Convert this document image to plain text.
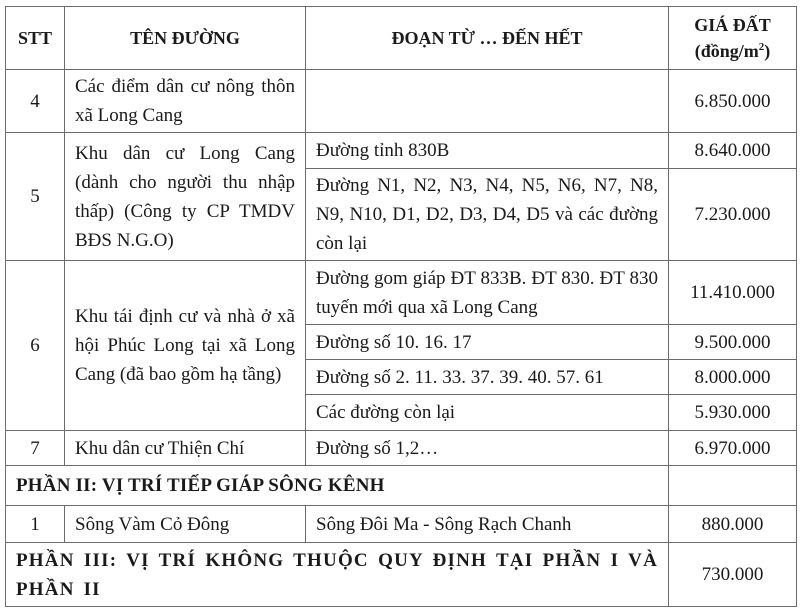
STT	TÊN ĐƯỜNG	ĐOẠN TỪ … ĐẾN HẾT	GIÁ ĐẤT
$(đồng/m^2)$
4	Các điểm dân cư nông thôn xã Long Cang		6.850.000
5	Khu dân cư Long Cang (dành cho người thu nhập thấp) (Công ty CP TMDV BĐS N.G.O)	Đường tỉnh 830B	8.640.000
		Đường N1, N2, N3, N4, N5, N6, N7, N8, N9, N10, D1, D2, D3, D4, D5 và các đường còn lại	7.230.000
6	Khu tái định cư và nhà ở xã hội Phúc Long tại xã Long Cang (đã bao gồm hạ tầng)	Đường gom giáp ĐT 833B. ĐT 830. ĐT 830 tuyến mới qua xã Long Cang	11.410.000
		Đường số 10. 16. 17	9.500.000
		Đường số 2. 11. 33. 37. 39. 40. 57. 61	8.000.000
		Các đường còn lại	5.930.000
7	Khu dân cư Thiện Chí	Đường số 1,2…	6.970.000
PHẦN II: VỊ TRÍ TIẾP GIÁP SÔNG KÊNH			
1	Sông Vàm Cỏ Đông	Sông Đôi Ma - Sông Rạch Chanh	880.000
PHẦN III: VỊ TRÍ KHÔNG THUỘC QUY ĐỊNH TẠI PHẦN I VÀ PHẦN II			730.000
